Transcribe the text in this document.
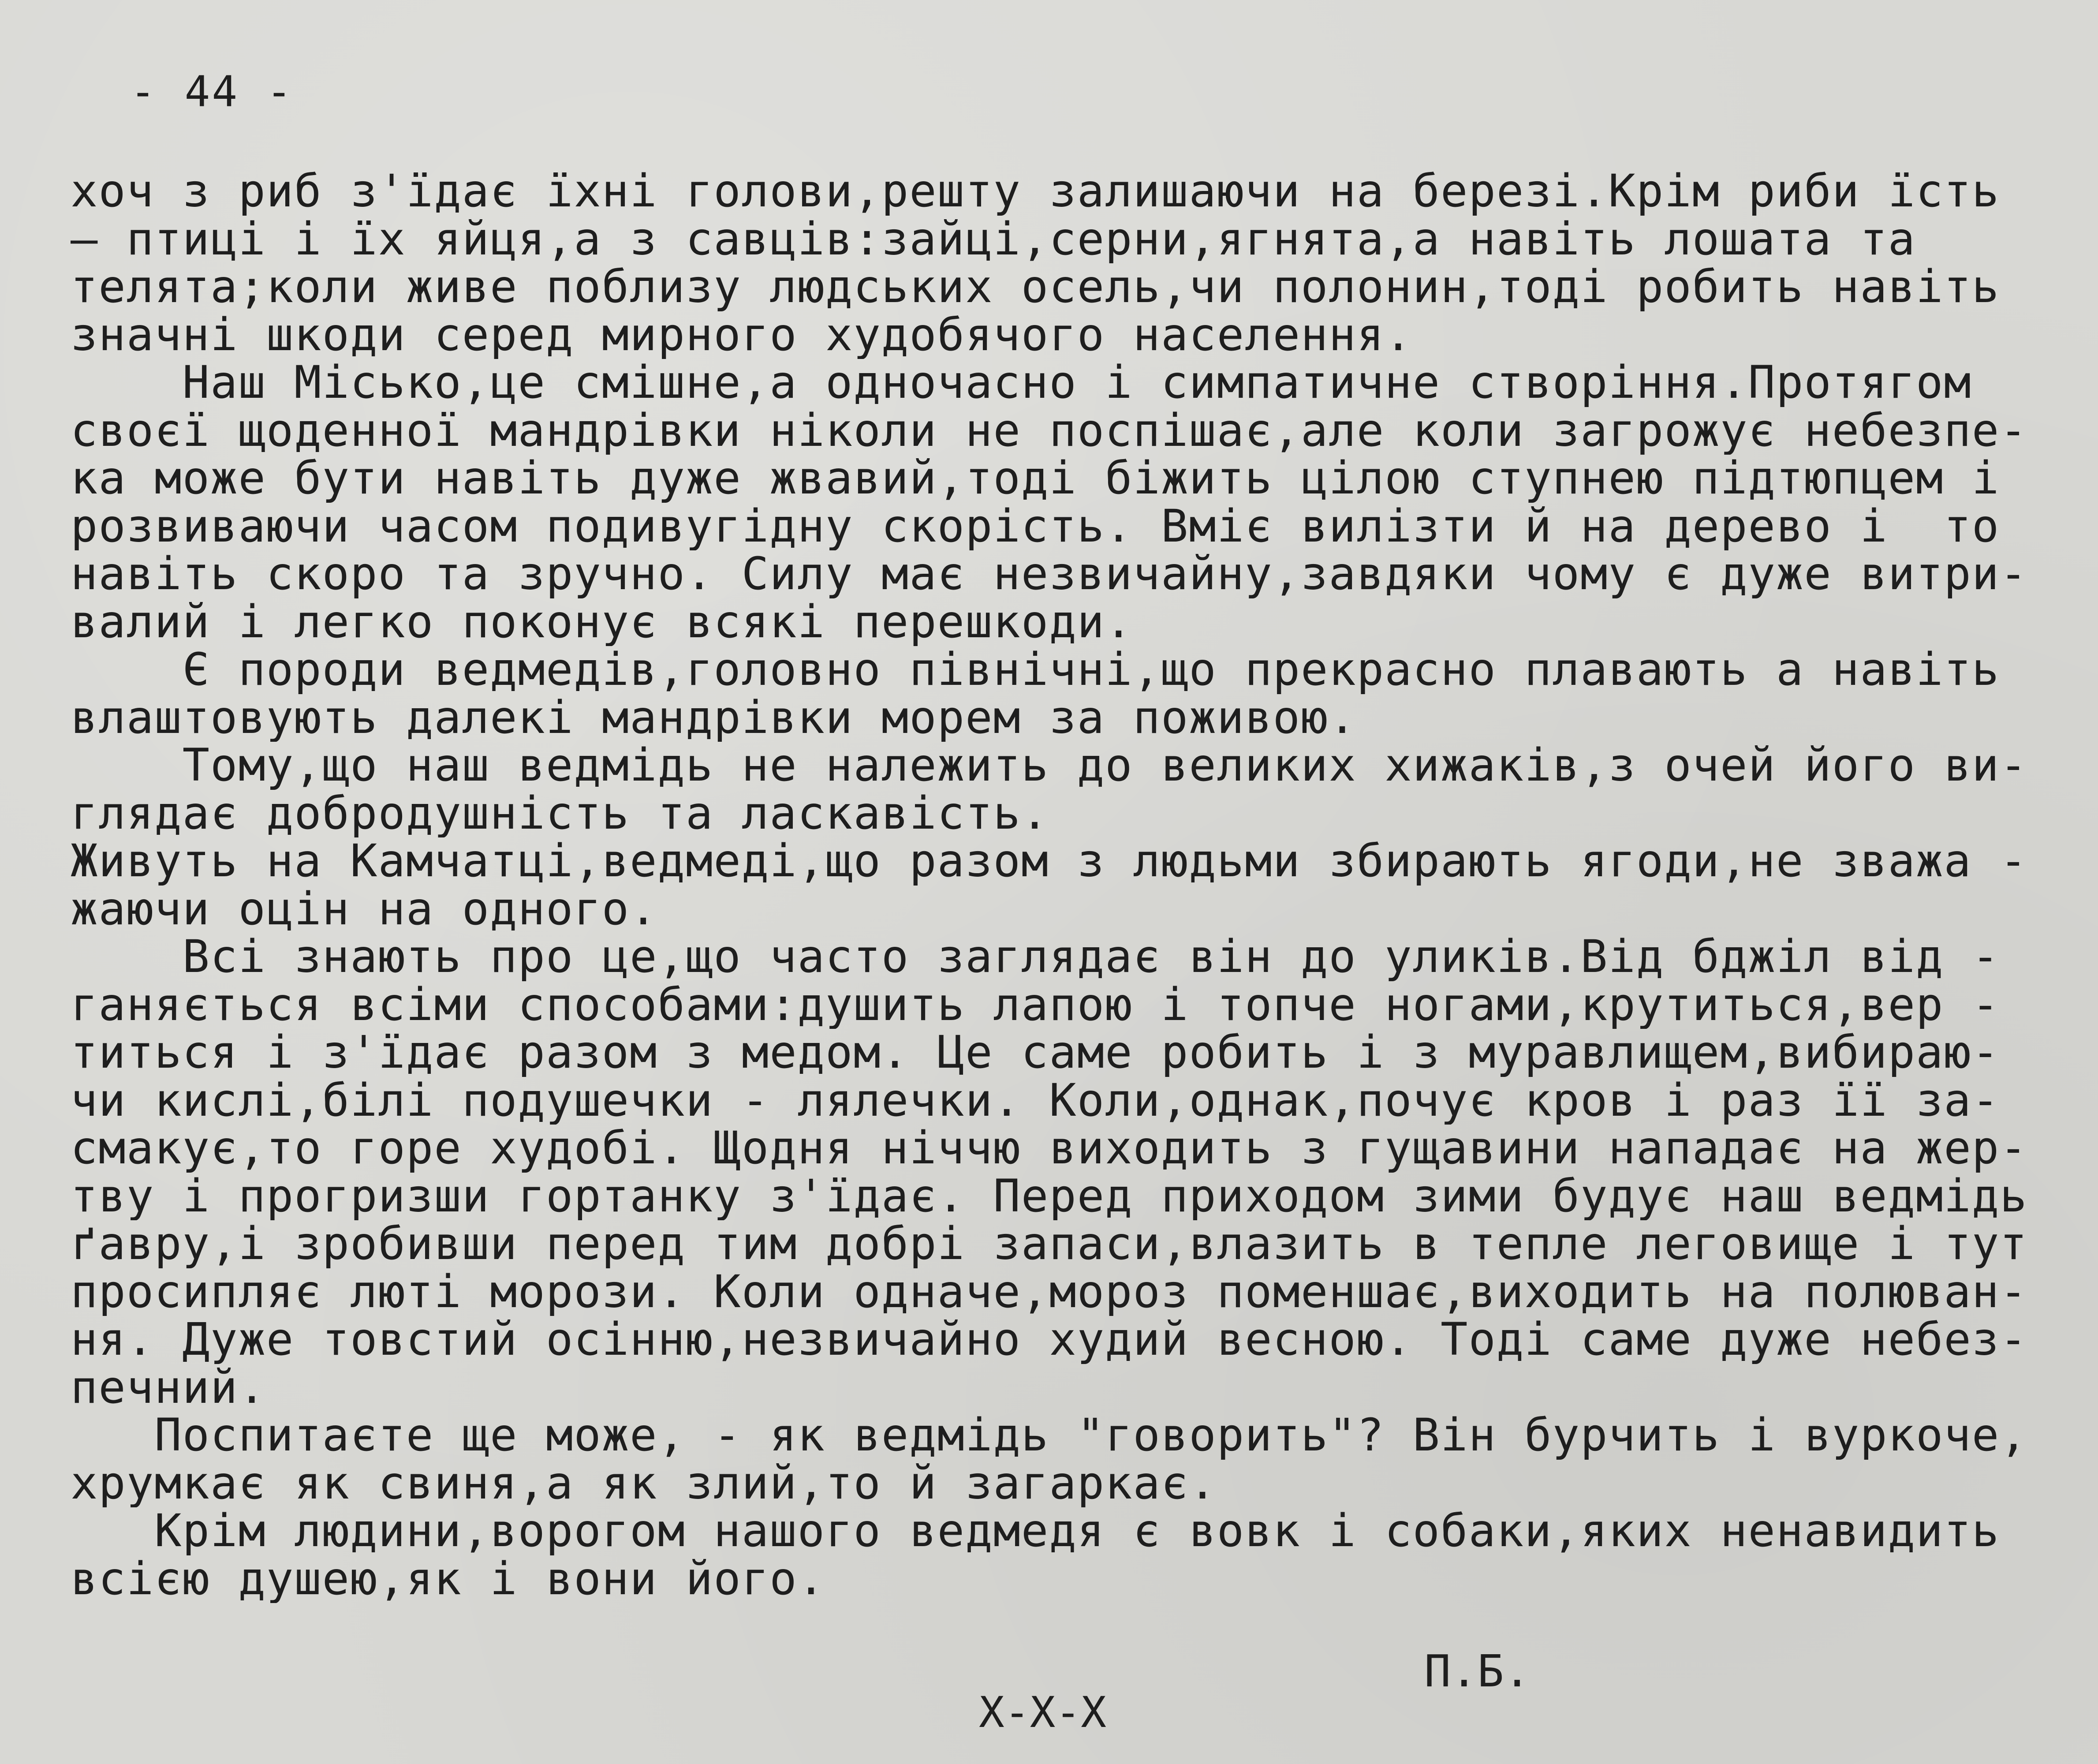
- 44 -
хоч з риб з'їдає їхні голови,решту залишаючи на березі.Крім риби їсть
– птиці і їх яйця,а з савців:зайці,серни,ягнята,а навіть лошата та
телята;коли живе поблизу людських осель,чи полонин,тоді робить навіть
значні шкоди серед мирного худобячого населення.
Наш Місько,це смішне,а одночасно і симпатичне створіння.Протягом
своєї щоденної мандрівки ніколи не поспішає,але коли загрожує небезпе-
ка може бути навіть дуже жвавий,тоді біжить цілою ступнею підтюпцем і
розвиваючи часом подивугідну скорість. Вміє вилізти й на дерево і  то
навіть скоро та зручно. Силу має незвичайну,завдяки чому є дуже витри-
валий і легко поконує всякі перешкоди.
Є породи ведмедів,головно північні,що прекрасно плавають а навіть
влаштовують далекі мандрівки морем за поживою.
Тому,що наш ведмідь не належить до великих хижаків,з очей його ви-
глядає добродушність та ласкавість.
Живуть на Камчатці,ведмеді,що разом з людьми збирають ягоди,не зважа -
жаючи оцін на одного.
Всі знають про це,що часто заглядає він до уликів.Від бджіл від -
ганяється всіми способами:душить лапою і топче ногами,крутиться,вер -
титься і з'їдає разом з медом. Це саме робить і з муравлищем,вибираю-
чи кислі,білі подушечки - лялечки. Коли,однак,почує кров і раз її за-
смакує,то горе худобі. Щодня ніччю виходить з гущавини нападає на жер-
тву і прогризши гортанку з'їдає. Перед приходом зими будує наш ведмідь
ґавру,і зробивши перед тим добрі запаси,влазить в тепле леговище і тут
просипляє люті морози. Коли одначе,мороз поменшає,виходить на полюван-
ня. Дуже товстий осінню,незвичайно худий весною. Тоді саме дуже небез-
печний.
Поспитаєте ще може, - як ведмідь "говорить"? Він бурчить і вуркоче,
хрумкає як свиня,а як злий,то й загаркає.
Крім людини,ворогом нашого ведмедя є вовк і собаки,яких ненавидить
всією душею,як і вони його.
П.Б.
Х-Х-Х
